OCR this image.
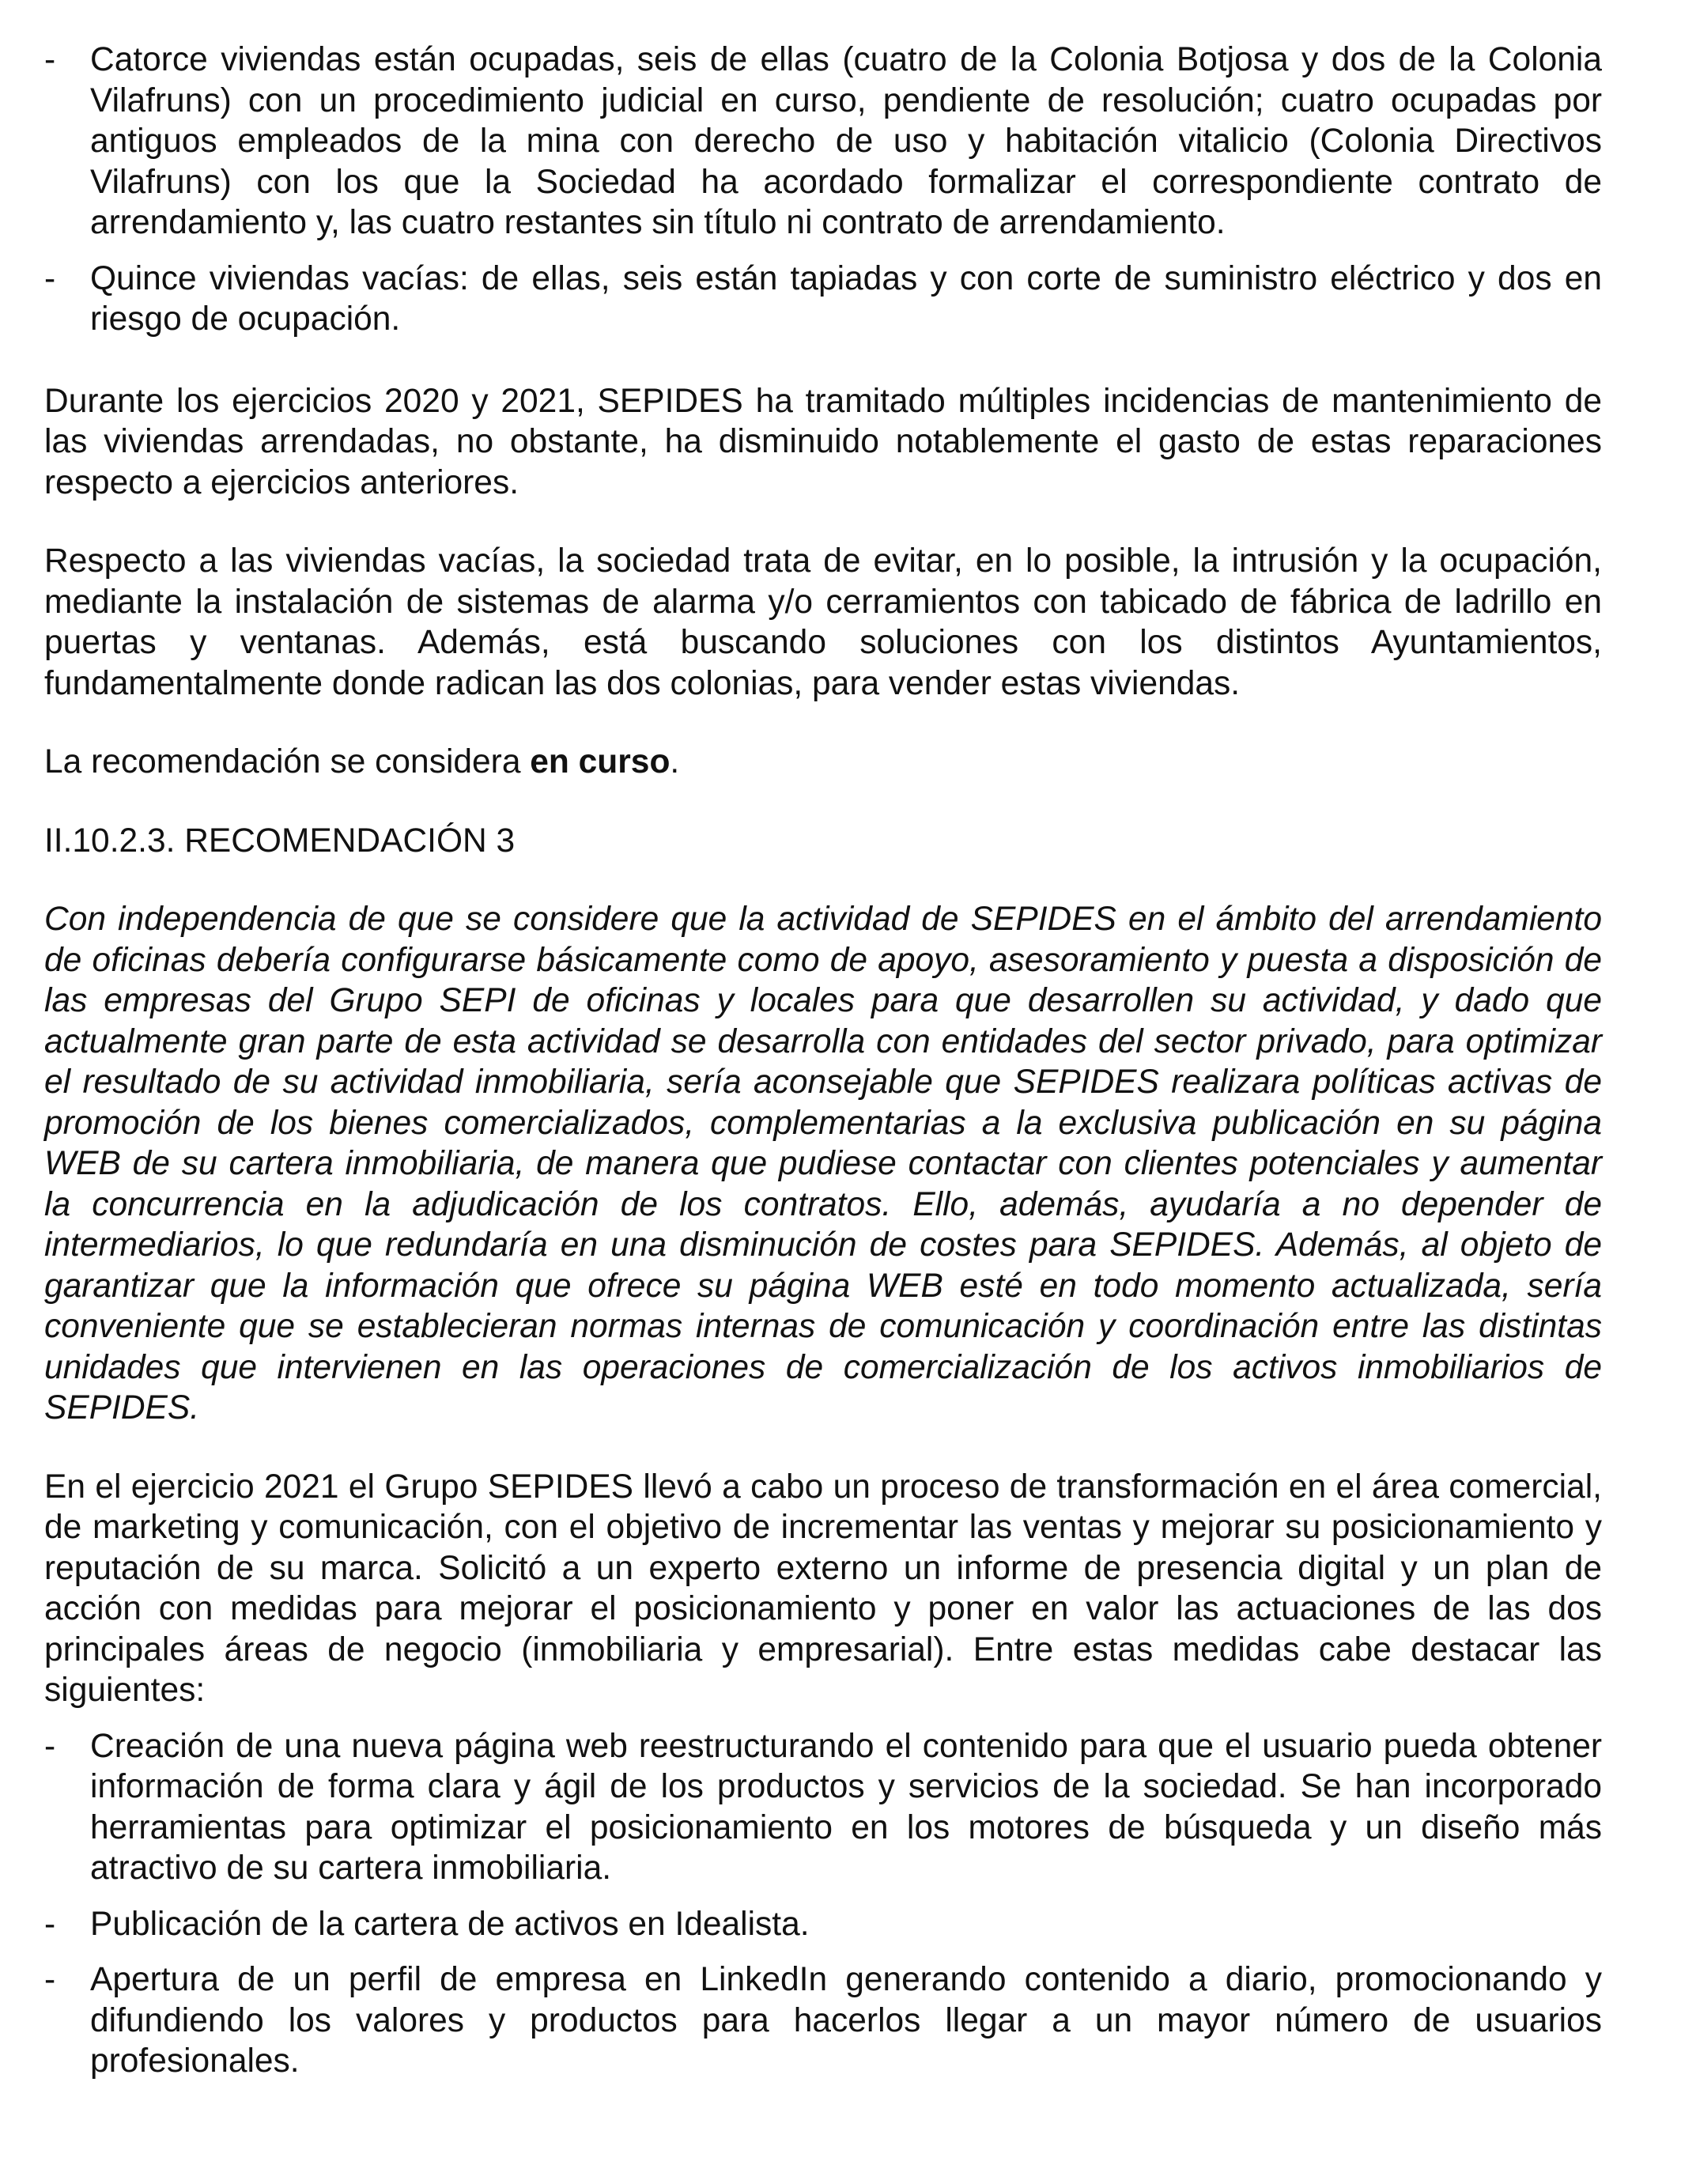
- Catorce viviendas están ocupadas, seis de ellas (cuatro de la Colonia Botjosa y dos de la Colonia Vilafruns) con un procedimiento judicial en curso, pendiente de resolución; cuatro ocupadas por antiguos empleados de la mina con derecho de uso y habitación vitalicio (Colonia Directivos Vilafruns) con los que la Sociedad ha acordado formalizar el correspondiente contrato de arrendamiento y, las cuatro restantes sin título ni contrato de arrendamiento.

- Quince viviendas vacías: de ellas, seis están tapiadas y con corte de suministro eléctrico y dos en riesgo de ocupación.

Durante los ejercicios 2020 y 2021, SEPIDES ha tramitado múltiples incidencias de mantenimiento de las viviendas arrendadas, no obstante, ha disminuido notablemente el gasto de estas reparaciones respecto a ejercicios anteriores.

Respecto a las viviendas vacías, la sociedad trata de evitar, en lo posible, la intrusión y la ocupación, mediante la instalación de sistemas de alarma y/o cerramientos con tabicado de fábrica de ladrillo en puertas y ventanas. Además, está buscando soluciones con los distintos Ayuntamientos, fundamentalmente donde radican las dos colonias, para vender estas viviendas.

La recomendación se considera en curso.

II.10.2.3. RECOMENDACIÓN 3

Con independencia de que se considere que la actividad de SEPIDES en el ámbito del arrendamiento de oficinas debería configurarse básicamente como de apoyo, asesoramiento y puesta a disposición de las empresas del Grupo SEPI de oficinas y locales para que desarrollen su actividad, y dado que actualmente gran parte de esta actividad se desarrolla con entidades del sector privado, para optimizar el resultado de su actividad inmobiliaria, sería aconsejable que SEPIDES realizara políticas activas de promoción de los bienes comercializados, complementarias a la exclusiva publicación en su página WEB de su cartera inmobiliaria, de manera que pudiese contactar con clientes potenciales y aumentar la concurrencia en la adjudicación de los contratos. Ello, además, ayudaría a no depender de intermediarios, lo que redundaría en una disminución de costes para SEPIDES. Además, al objeto de garantizar que la información que ofrece su página WEB esté en todo momento actualizada, sería conveniente que se establecieran normas internas de comunicación y coordinación entre las distintas unidades que intervienen en las operaciones de comercialización de los activos inmobiliarios de SEPIDES.

En el ejercicio 2021 el Grupo SEPIDES llevó a cabo un proceso de transformación en el área comercial, de marketing y comunicación, con el objetivo de incrementar las ventas y mejorar su posicionamiento y reputación de su marca. Solicitó a un experto externo un informe de presencia digital y un plan de acción con medidas para mejorar el posicionamiento y poner en valor las actuaciones de las dos principales áreas de negocio (inmobiliaria y empresarial). Entre estas medidas cabe destacar las siguientes:

- Creación de una nueva página web reestructurando el contenido para que el usuario pueda obtener información de forma clara y ágil de los productos y servicios de la sociedad. Se han incorporado herramientas para optimizar el posicionamiento en los motores de búsqueda y un diseño más atractivo de su cartera inmobiliaria.

- Publicación de la cartera de activos en Idealista.

- Apertura de un perfil de empresa en LinkedIn generando contenido a diario, promocionando y difundiendo los valores y productos para hacerlos llegar a un mayor número de usuarios profesionales.
